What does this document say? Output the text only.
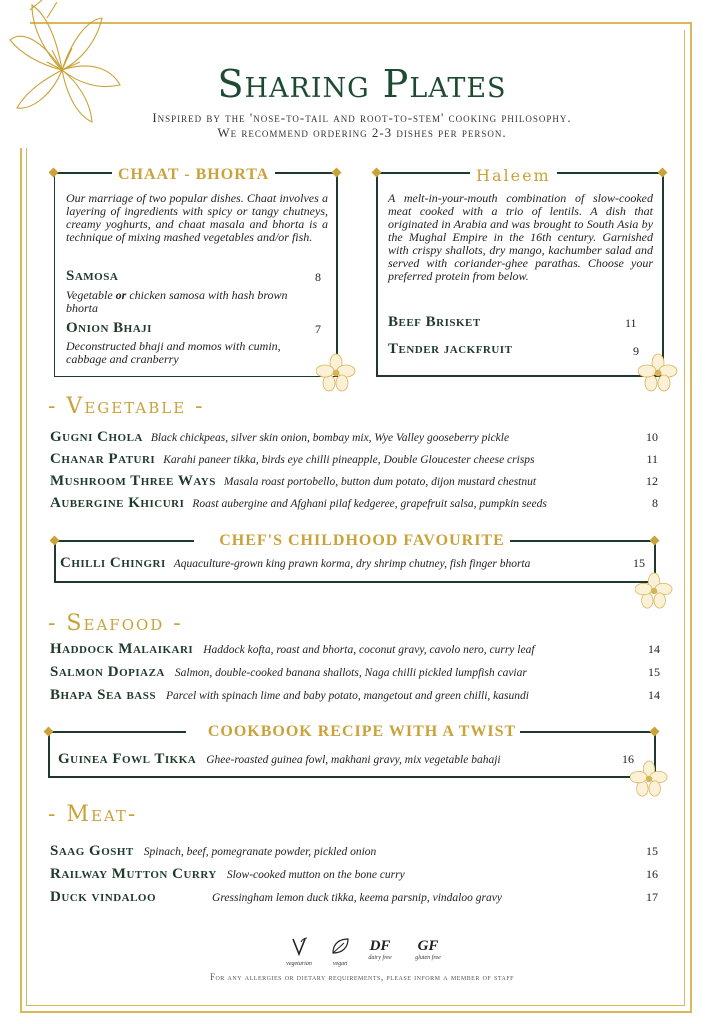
Sharing Plates
Inspired by the 'nose-to-tail and root-to-stem' cooking philosophy.
We recommend ordering 2-3 dishes per person.
CHAAT - BHORTA
Our marriage of two popular dishes. Chaat involves a layering of ingredients with spicy or tangy chutneys, creamy yoghurts, and chaat masala and bhorta is a technique of mixing mashed vegetables and/or fish.
Samosa	8
Vegetable or chicken samosa with hash brown bhorta
Onion Bhaji	7
Deconstructed bhaji and momos with cumin, cabbage and cranberry
Haleem
A melt-in-your-mouth combination of slow-cooked meat cooked with a trio of lentils. A dish that originated in Arabia and was brought to South Asia by the Mughal Empire in the 16th century. Garnished with crispy shallots, dry mango, kachumber salad and served with coriander-ghee parathas. Choose your preferred protein from below.
Beef Brisket	11
Tender jackfruit	9
- Vegetable -
Gugni Chola Black chickpeas, silver skin onion, bombay mix, Wye Valley gooseberry pickle	10
Chanar Paturi Karahi paneer tikka, birds eye chilli pineapple, Double Gloucester cheese crisps	11
Mushroom Three Ways Masala roast portobello, button dum potato, dijon mustard chestnut	12
Aubergine Khicuri Roast aubergine and Afghani pilaf kedgeree, grapefruit salsa, pumpkin seeds	8
CHEF'S CHILDHOOD FAVOURITE
Chilli Chingri Aquaculture-grown king prawn korma, dry shrimp chutney, fish finger bhorta	15
- Seafood -
Haddock Malaikari Haddock kofta, roast and bhorta, coconut gravy, cavolo nero, curry leaf	14
Salmon Dopiaza Salmon, double-cooked banana shallots, Naga chilli pickled lumpfish caviar	15
Bhapa Sea bass Parcel with spinach lime and baby potato, mangetout and green chilli, kasundi	14
COOKBOOK RECIPE WITH A TWIST
Guinea Fowl Tikka Ghee-roasted guinea fowl, makhani gravy, mix vegetable bahaji	16
- Meat-
Saag Gosht Spinach, beef, pomegranate powder, pickled onion	15
Railway Mutton Curry Slow-cooked mutton on the bone curry	16
Duck vindaloo	Gressingham lemon duck tikka, keema parsnip, vindaloo gravy	17
vegetarian	vegan
DF
dairy free
GF
gluten free
For any allergies or dietary requirements, please inform a member of staff
